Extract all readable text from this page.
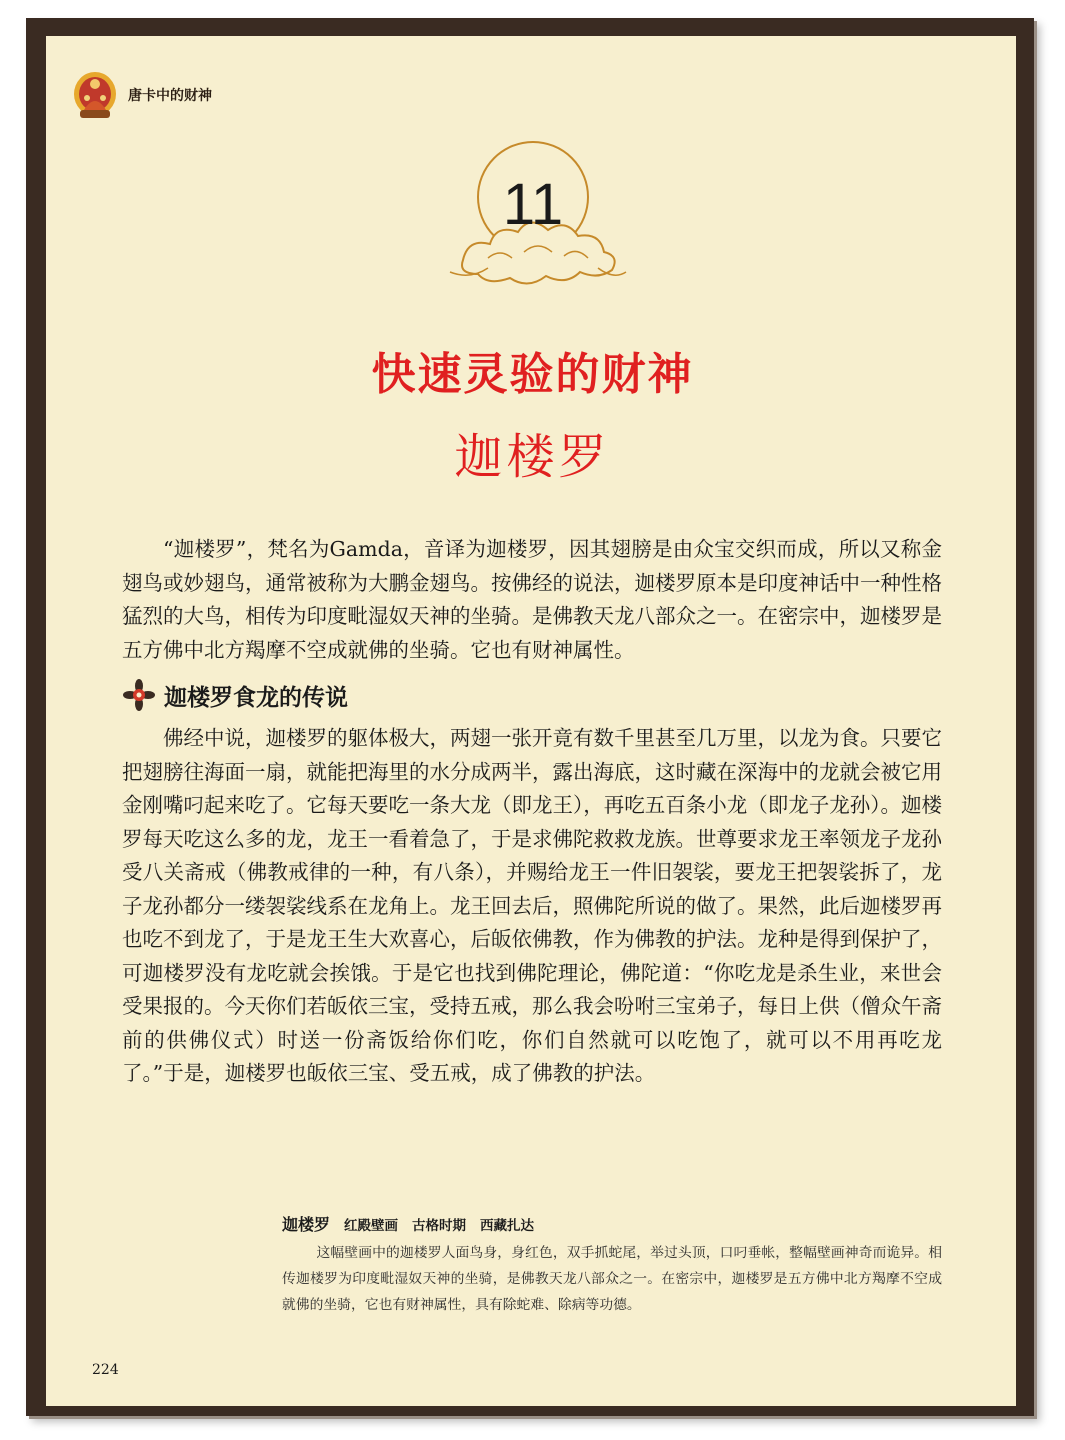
唐卡中的财神
11
快速灵验的财神
迦楼罗

“迦楼罗”，梵名为Gamda，音译为迦楼罗，因其翅膀是由众宝交织而成，所以又称金翅鸟或妙翅鸟，通常被称为大鹏金翅鸟。按佛经的说法，迦楼罗原本是印度神话中一种性格猛烈的大鸟，相传为印度毗湿奴天神的坐骑。是佛教天龙八部众之一。在密宗中，迦楼罗是五方佛中北方羯摩不空成就佛的坐骑。它也有财神属性。

迦楼罗食龙的传说

佛经中说，迦楼罗的躯体极大，两翅一张开竟有数千里甚至几万里，以龙为食。只要它把翅膀往海面一扇，就能把海里的水分成两半，露出海底，这时藏在深海中的龙就会被它用金刚嘴叼起来吃了。它每天要吃一条大龙（即龙王），再吃五百条小龙（即龙子龙孙）。迦楼罗每天吃这么多的龙，龙王一看着急了，于是求佛陀救救龙族。世尊要求龙王率领龙子龙孙受八关斋戒（佛教戒律的一种，有八条），并赐给龙王一件旧袈裟，要龙王把袈裟拆了，龙子龙孙都分一缕袈裟线系在龙角上。龙王回去后，照佛陀所说的做了。果然，此后迦楼罗再也吃不到龙了，于是龙王生大欢喜心，后皈依佛教，作为佛教的护法。龙种是得到保护了，可迦楼罗没有龙吃就会挨饿。于是它也找到佛陀理论，佛陀道：“你吃龙是杀生业，来世会受果报的。今天你们若皈依三宝，受持五戒，那么我会吩咐三宝弟子，每日上供（僧众午斋前的供佛仪式）时送一份斋饭给你们吃，你们自然就可以吃饱了，就可以不用再吃龙了。”于是，迦楼罗也皈依三宝、受五戒，成了佛教的护法。

迦楼罗 红殿壁画 古格时期 西藏扎达

这幅壁画中的迦楼罗人面鸟身，身红色，双手抓蛇尾，举过头顶，口叼垂帐，整幅壁画神奇而诡异。相传迦楼罗为印度毗湿奴天神的坐骑，是佛教天龙八部众之一。在密宗中，迦楼罗是五方佛中北方羯摩不空成就佛的坐骑，它也有财神属性，具有除蛇难、除病等功德。

224
